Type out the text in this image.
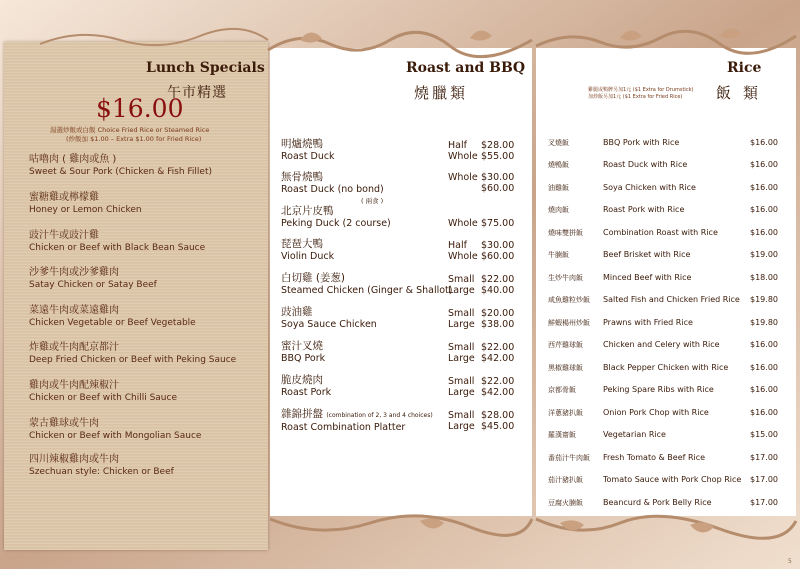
Lunch Specials
午市精選
$16.00
湯選炒飯或白飯 Choice Fried Rice or Steamed Rice
(炒飯加 $1.00 – Extra $1.00 for Fried Rice)
咕嚕肉 ( 雞肉或魚 )
Sweet & Sour Pork (Chicken & Fish Fillet)
蜜糖雞或檸檬雞
Honey or Lemon Chicken
豉汁牛或豉汁雞
Chicken or Beef with Black Bean Sauce
沙爹牛肉或沙爹雞肉
Satay Chicken or Satay Beef
菜遠牛肉或菜遠雞肉
Chicken Vegetable or Beef Vegetable
炸雞或牛肉配京都汁
Deep Fried Chicken or Beef with Peking Sauce
雞肉或牛肉配辣椒汁
Chicken or Beef with Chilli Sauce
蒙古雞球或牛肉
Chicken or Beef with Mongolian Sauce
四川辣椒雞肉或牛肉
Szechuan style: Chicken or Beef
Roast and BBQ
燒臘類
明爐燒鴨
Roast Duck
Half $28.00
Whole $55.00
無骨燒鴨
Roast Duck (no bond)
Whole $30.00
$60.00
( 兩食 )
北京片皮鴨
Peking Duck (2 course)	Whole $75.00
琵琶大鴨
Violin Duck
Half $30.00
Whole $60.00
白切雞 (姜葱)
Steamed Chicken (Ginger & Shallot)
Small $22.00
Large $40.00
豉油雞
Soya Sauce Chicken
Small $20.00
Large $38.00
蜜汁叉燒
BBQ Pork
Small $22.00
Large $42.00
脆皮燒肉
Roast Pork
Small $22.00
Large $42.00
雜錦拼盤 (combination of 2, 3 and 4 choices)
Roast Combination Platter
Small $28.00
Large $45.00
Rice
飯類
雞腿或鴨髀另加1元 ($1 Extra for Drumstick)
加炒飯另加1元 ($1 Extra for Fried Rice)
叉燒飯	BBQ Pork with Rice	$16.00
燒鴨飯	Roast Duck with Rice	$16.00
油雞飯	Soya Chicken with Rice	$16.00
燒肉飯	Roast Pork with Rice	$16.00
燒味雙拼飯	Combination Roast with Rice	$16.00
牛腩飯	Beef Brisket with Rice	$19.00
生炒牛肉飯	Minced Beef with Rice	$18.00
咸魚雞粒炒飯 Salted Fish and Chicken Fried Rice $19.80
鮮蝦楊州炒飯 Prawns with Fried Rice	$19.80
西芹雞球飯	Chicken and Celery with Rice	$16.00
黑椒雞球飯	Black Pepper Chicken with Rice	$16.00
京都骨飯	Peking Spare Ribs with Rice	$16.00
洋蔥豬扒飯	Onion Pork Chop with Rice	$16.00
羅漢齋飯	Vegetarian Rice	$15.00
番茄汁牛肉飯 Fresh Tomato & Beef Rice	$17.00
茄汁豬扒飯	Tomato Sauce with Pork Chop Rice $17.00
豆腐火腩飯	Beancurd & Pork Belly Rice	$17.00
5
